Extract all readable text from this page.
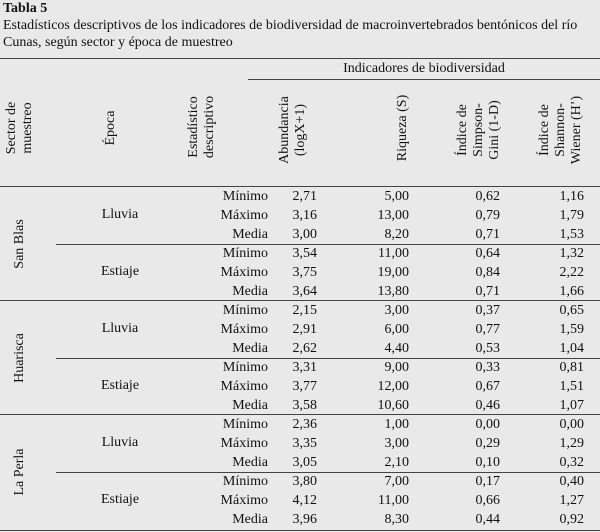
Tabla 5
Estadísticos descriptivos de los indicadores de biodiversidad de macroinvertebrados bentónicos del río Cunas, según sector y época de muestreo
Indicadores de biodiversidad
Sector de muestreo	Época	Estadístico descriptivo	Abundancia (logX+1)	Riqueza (S)	Índice de Simpson- Gini (1-D)	Índice de Shannon- Wiener (H’)
San Blas
Lluvia
Mínimo	2,71	5,00	0,62	1,16
Máximo	3,16	13,00	0,79	1,79
Media	3,00	8,20	0,71	1,53
Estiaje
Mínimo	3,54	11,00	0,64	1,32
Máximo	3,75	19,00	0,84	2,22
Media	3,64	13,80	0,71	1,66
Huarisca
Lluvia
Mínimo	2,15	3,00	0,37	0,65
Máximo	2,91	6,00	0,77	1,59
Media	2,62	4,40	0,53	1,04
Estiaje
Mínimo	3,31	9,00	0,33	0,81
Máximo	3,77	12,00	0,67	1,51
Media	3,58	10,60	0,46	1,07
La Perla
Lluvia
Mínimo	2,36	1,00	0,00	0,00
Máximo	3,35	3,00	0,29	1,29
Media	3,05	2,10	0,10	0,32
Estiaje
Mínimo	3,80	7,00	0,17	0,40
Máximo	4,12	11,00	0,66	1,27
Media	3,96	8,30	0,44	0,92
